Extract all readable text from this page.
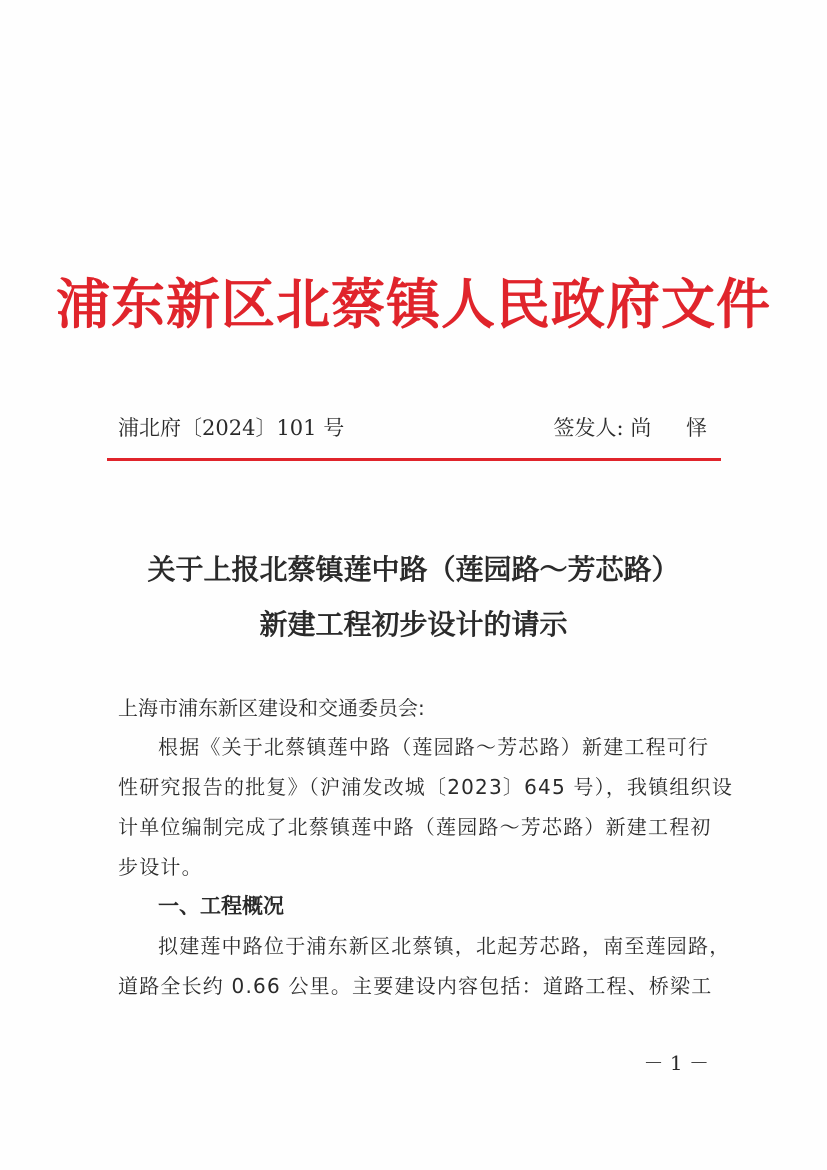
浦东新区北蔡镇人民政府文件
浦北府〔2024〕101 号	签发人: 尚 怿
关于上报北蔡镇莲中路（莲园路～芳芯路）
新建工程初步设计的请示
上海市浦东新区建设和交通委员会:
根据《关于北蔡镇莲中路（莲园路～芳芯路）新建工程可行
性研究报告的批复》（沪浦发改城〔2023〕645 号），我镇组织设
计单位编制完成了北蔡镇莲中路（莲园路～芳芯路）新建工程初
步设计。
一、工程概况
拟建莲中路位于浦东新区北蔡镇，北起芳芯路，南至莲园路，
道路全长约 0.66 公里。主要建设内容包括：道路工程、桥梁工
－ 1 －
